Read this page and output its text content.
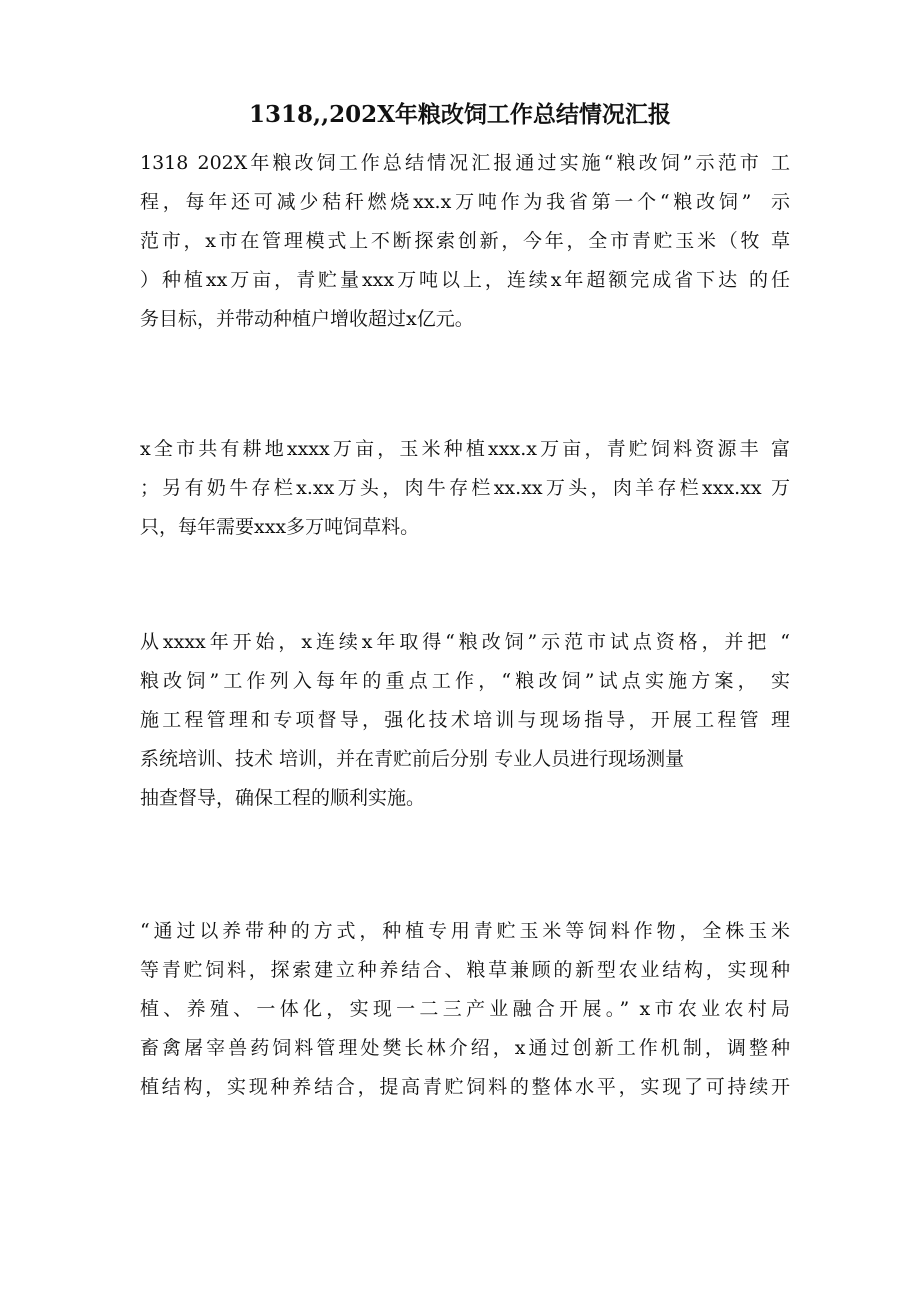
1318,,202X年粮改饲工作总结情况汇报
1318 202X年粮改饲工作总结情况汇报通过实施“粮改饲”示范市 工
程，每年还可减少秸秆燃烧xx.x万吨作为我省第一个“粮改饲”  示
范市，x市在管理模式上不断探索创新，今年，全市青贮玉米（牧 草
）种植xx万亩，青贮量xxx万吨以上，连续x年超额完成省下达 的任
务目标，并带动种植户增收超过x亿元。
x全市共有耕地xxxx万亩，玉米种植xxx.x万亩，青贮饲料资源丰 富
；另有奶牛存栏x.xx万头，肉牛存栏xx.xx万头，肉羊存栏xxx.xx 万
只，每年需要xxx多万吨饲草料。
从xxxx年开始，x连续x年取得“粮改饲”示范市试点资格，并把 “
粮改饲”工作列入每年的重点工作，“粮改饲”试点实施方案， 实
施工程管理和专项督导，强化技术培训与现场指导，开展工程管 理
系统培训、技术 培训，并在青贮前后分别 专业人员进行现场测量
抽查督导，确保工程的顺利实施。
“通过以养带种的方式，种植专用青贮玉米等饲料作物，全株玉米
等青贮饲料，探索建立种养结合、粮草兼顾的新型农业结构，实现种
植、养殖、一体化，实现一二三产业融合开展。” x市农业农村局
畜禽屠宰兽药饲料管理处樊长林介绍，x通过创新工作机制，调整种
植结构，实现种养结合，提高青贮饲料的整体水平，实现了可持续开
